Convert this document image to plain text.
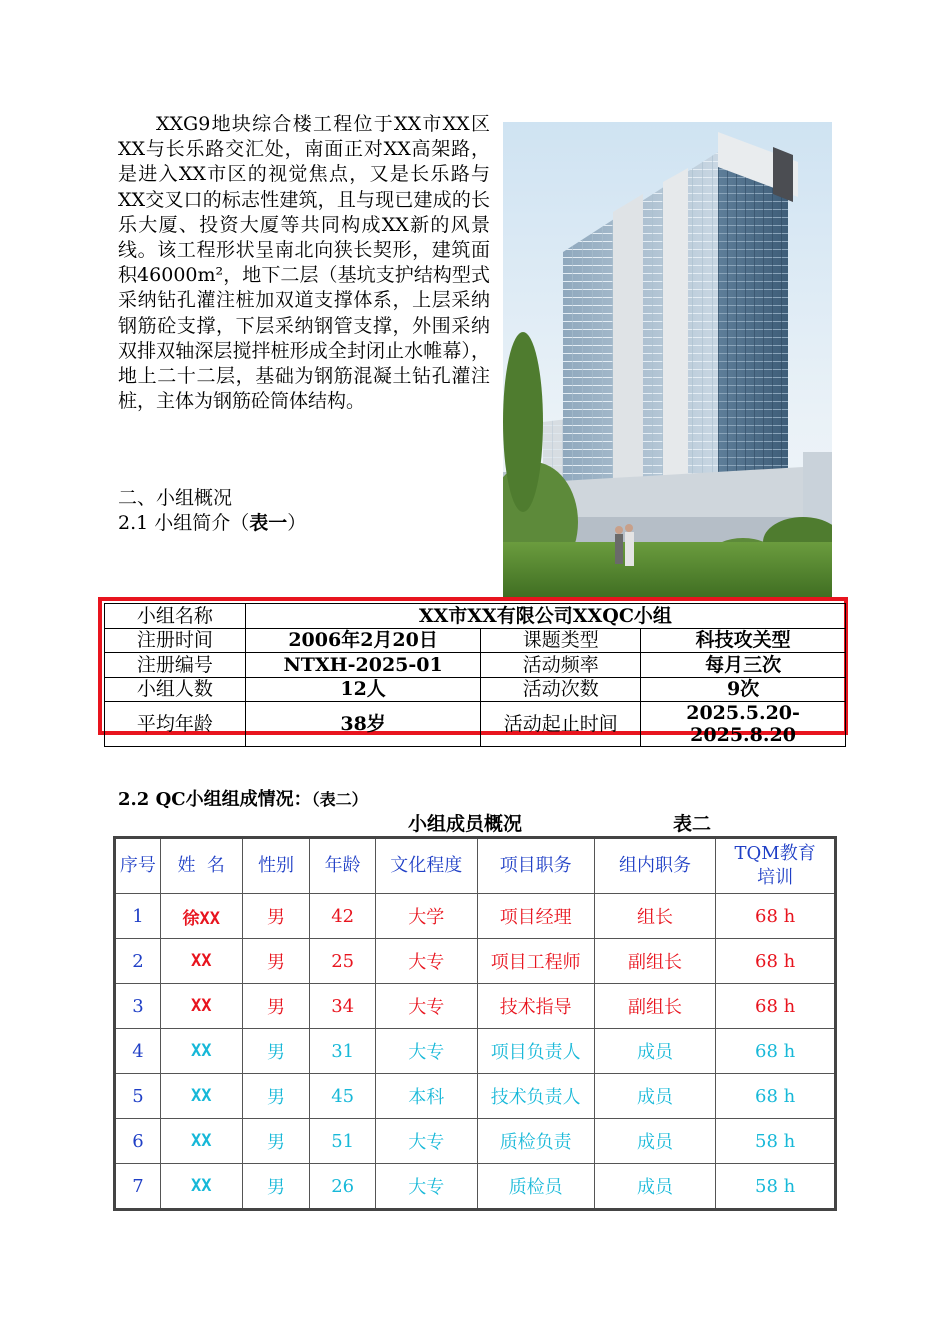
XXG9地块综合楼工程位于XX市XX区XX与长乐路交汇处，南面正对XX高架路，是进入XX市区的视觉焦点，又是长乐路与XX交叉口的标志性建筑，且与现已建成的长乐大厦、投资大厦等共同构成XX新的风景线。该工程形状呈南北向狭长契形，建筑面积46000m²，地下二层（基坑支护结构型式采纳钻孔灌注桩加双道支撑体系，上层采纳钢筋砼支撑，下层采纳钢管支撑，外围采纳双排双轴深层搅拌桩形成全封闭止水帷幕），地上二十二层，基础为钢筋混凝土钻孔灌注桩，主体为钢筋砼筒体结构。

二、小组概况
2.1 小组简介（表一）
小组名称	XX市XX有限公司XXQC小组		
注册时间	2006年2月20日	课题类型	科技攻关型
注册编号	NTXH-2025-01	活动频率	每月三次
小组人数	12人	活动次数	9次
平均年龄	38岁	活动起止时间	2025.5.20-2025.8.20
2.2 QC小组组成情况：（表二）
小组成员概况	表二
序号	姓  名	性别	年龄	文化程度	项目职务	组内职务	TQM教育培训
1	徐XX	男	42	大学	项目经理	组长	68 h
2	XX	男	25	大专	项目工程师	副组长	68 h
3	XX	男	34	大专	技术指导	副组长	68 h
4	XX	男	31	大专	项目负责人	成员	68 h
5	XX	男	45	本科	技术负责人	成员	68 h
6	XX	男	51	大专	质检负责	成员	58 h
7	XX	男	26	大专	质检员	成员	58 h
